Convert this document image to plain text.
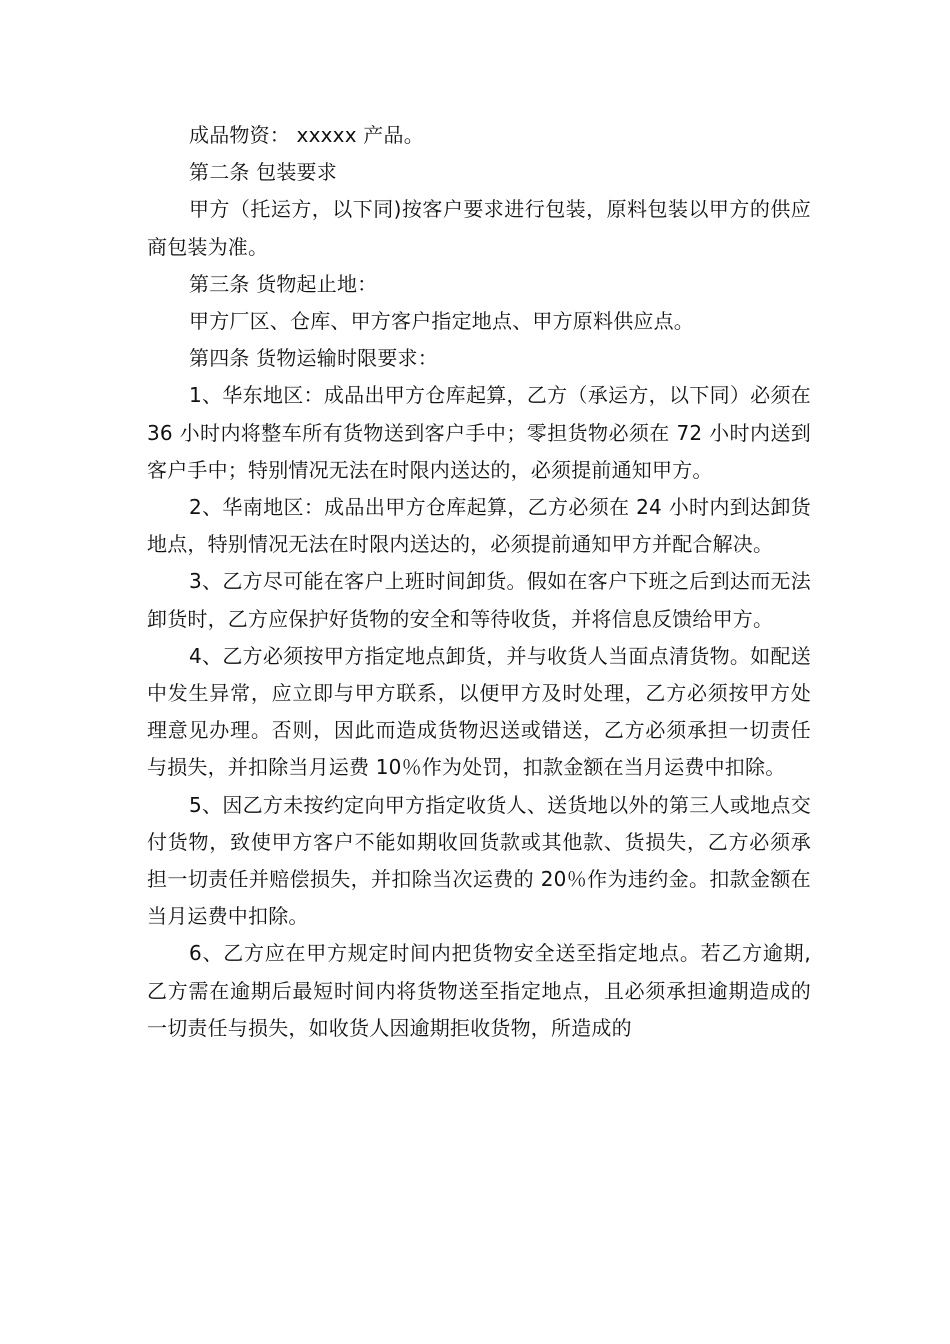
成品物资： xxxxx 产品。

第二条 包装要求

甲方（托运方，以下同)按客户要求进行包装，原料包装以甲方的供应商包装为准。

第三条 货物起止地：

甲方厂区、仓库、甲方客户指定地点、甲方原料供应点。

第四条 货物运输时限要求：

1、华东地区：成品出甲方仓库起算，乙方（承运方，以下同）必须在 36 小时内将整车所有货物送到客户手中；零担货物必须在 72 小时内送到客户手中；特别情况无法在时限内送达的，必须提前通知甲方。

2、华南地区：成品出甲方仓库起算，乙方必须在 24 小时内到达卸货地点，特别情况无法在时限内送达的，必须提前通知甲方并配合解决。

3、乙方尽可能在客户上班时间卸货。假如在客户下班之后到达而无法卸货时，乙方应保护好货物的安全和等待收货，并将信息反馈给甲方。

4、乙方必须按甲方指定地点卸货，并与收货人当面点清货物。如配送中发生异常，应立即与甲方联系，以便甲方及时处理，乙方必须按甲方处理意见办理。否则，因此而造成货物迟送或错送，乙方必须承担一切责任与损失，并扣除当月运费 10％作为处罚，扣款金额在当月运费中扣除。

5、因乙方未按约定向甲方指定收货人、送货地以外的第三人或地点交付货物，致使甲方客户不能如期收回货款或其他款、货损失，乙方必须承担一切责任并赔偿损失，并扣除当次运费的 20％作为违约金。扣款金额在当月运费中扣除。

6、乙方应在甲方规定时间内把货物安全送至指定地点。若乙方逾期,乙方需在逾期后最短时间内将货物送至指定地点，且必须承担逾期造成的一切责任与损失，如收货人因逾期拒收货物，所造成的
